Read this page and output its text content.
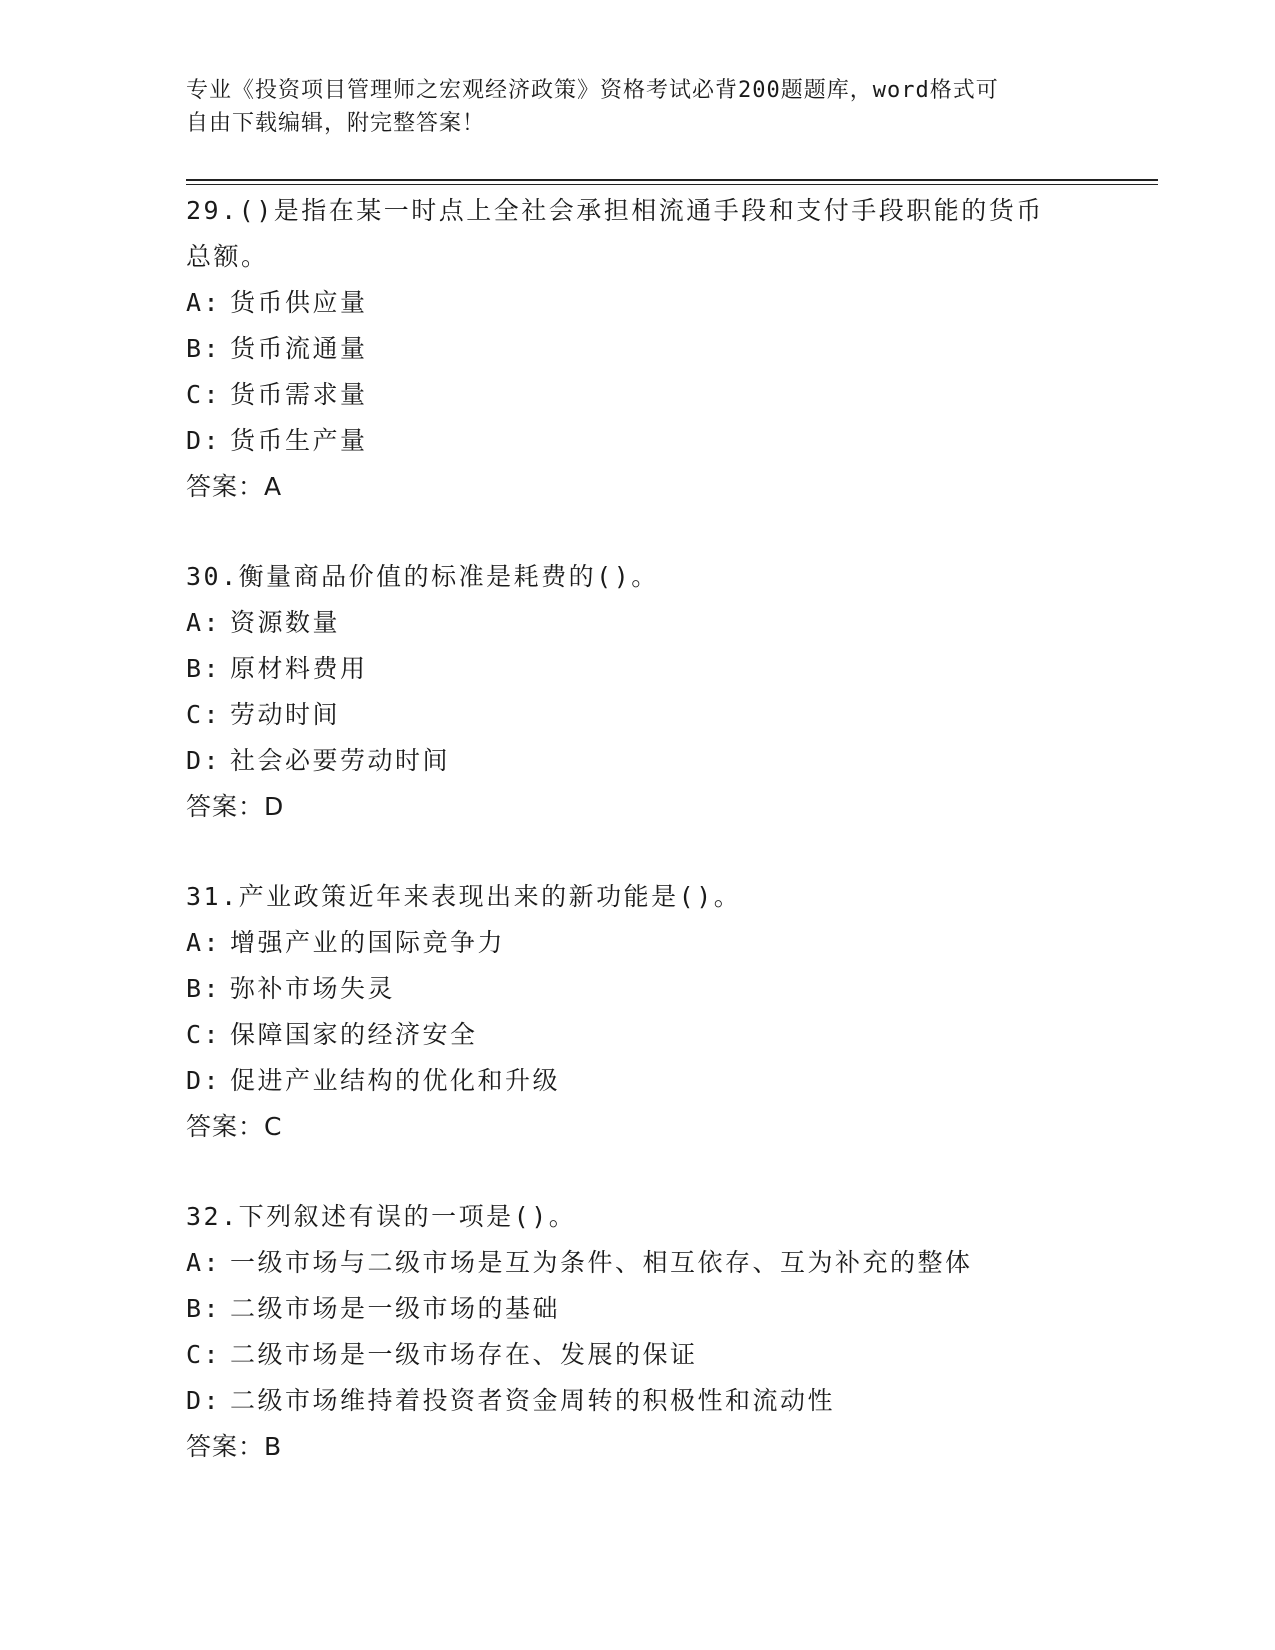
专业《投资项目管理师之宏观经济政策》资格考试必背200题题库，word格式可
自由下载编辑，附完整答案！
29.()是指在某一时点上全社会承担相流通手段和支付手段职能的货币
总额。
A: 货币供应量
B: 货币流通量
C: 货币需求量
D: 货币生产量
答案：A
30.衡量商品价值的标准是耗费的()。
A: 资源数量
B: 原材料费用
C: 劳动时间
D: 社会必要劳动时间
答案：D
31.产业政策近年来表现出来的新功能是()。
A: 增强产业的国际竞争力
B: 弥补市场失灵
C: 保障国家的经济安全
D: 促进产业结构的优化和升级
答案：C
32.下列叙述有误的一项是()。
A: 一级市场与二级市场是互为条件、相互依存、互为补充的整体
B: 二级市场是一级市场的基础
C: 二级市场是一级市场存在、发展的保证
D: 二级市场维持着投资者资金周转的积极性和流动性
答案：B
